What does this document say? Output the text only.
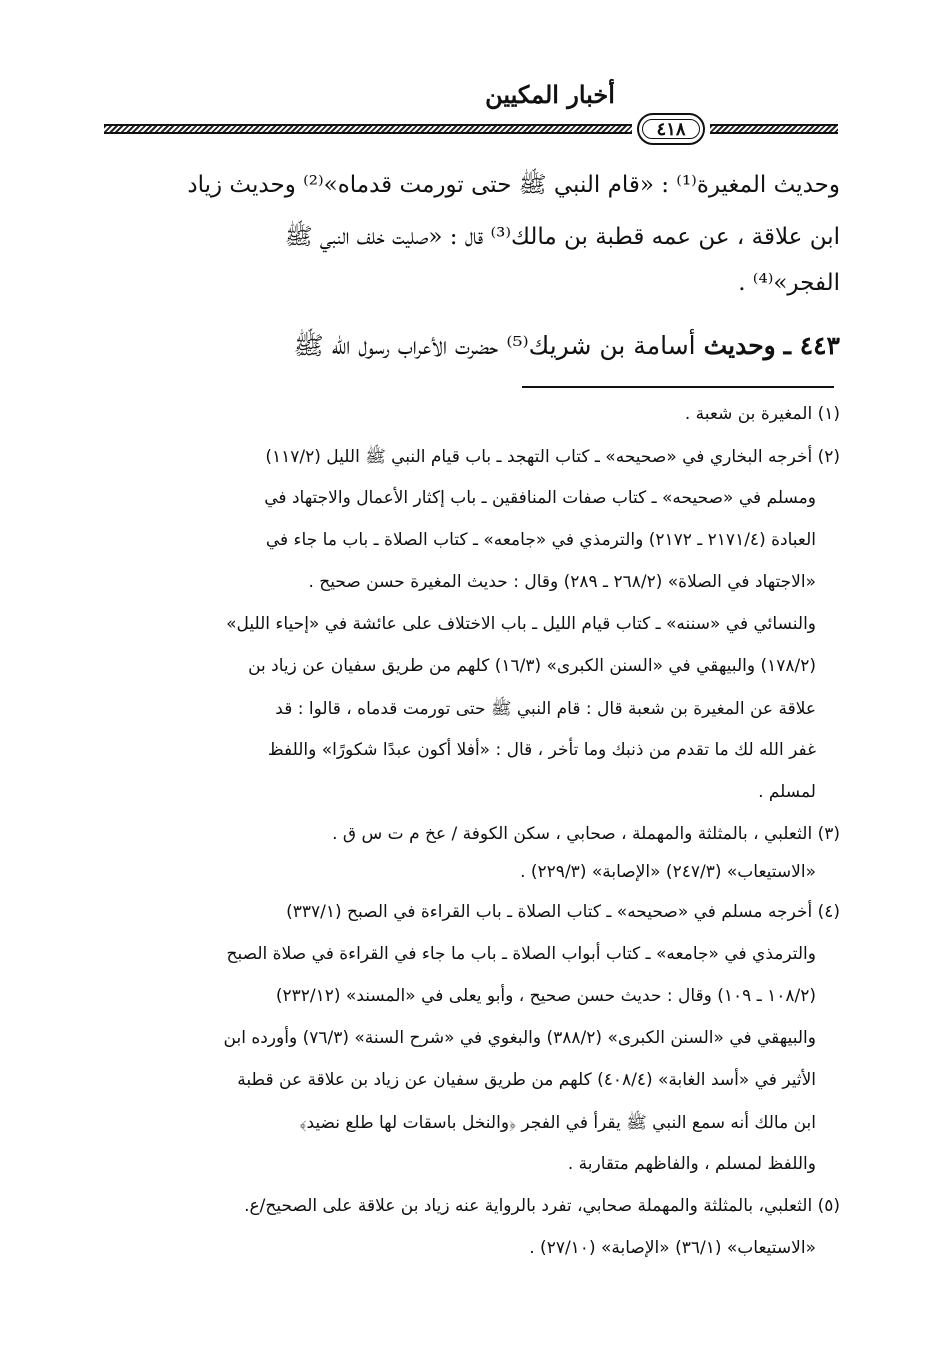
أخبار المكيين
٤١٨
وحديث المغيرة⁽¹⁾ : «قام النبي ﷺ حتى تورمت قدماه»⁽²⁾ وحديث زياد
ابن علاقة ، عن عمه قطبة بن مالك⁽³⁾ قال : «صليت خلف النبي ﷺ
الفجر»⁽⁴⁾ .
٤٤٣ ـ وحديث أسامة بن شريك⁽⁵⁾ حضرت الأعراب رسول الله ﷺ
(١) المغيرة بن شعبة .
(٢) أخرجه البخاري في «صحيحه» ـ كتاب التهجد ـ باب قيام النبي ﷺ الليل (١١٧/٢)
ومسلم في «صحيحه» ـ كتاب صفات المنافقين ـ باب إكثار الأعمال والاجتهاد في
العبادة (٢١٧١/٤ ـ ٢١٧٢) والترمذي في «جامعه» ـ كتاب الصلاة ـ باب ما جاء في
«الاجتهاد في الصلاة» (٢٦٨/٢ ـ ٢٨٩) وقال : حديث المغيرة حسن صحيح .
والنسائي في «سننه» ـ كتاب قيام الليل ـ باب الاختلاف على عائشة في «إحياء الليل»
(١٧٨/٢) والبيهقي في «السنن الكبرى» (١٦/٣) كلهم من طريق سفيان عن زياد بن
علاقة عن المغيرة بن شعبة قال : قام النبي ﷺ حتى تورمت قدماه ، قالوا : قد
غفر الله لك ما تقدم من ذنبك وما تأخر ، قال : «أفلا أكون عبدًا شكورًا» واللفظ
لمسلم .
(٣) الثعلبي ، بالمثلثة والمهملة ، صحابي ، سكن الكوفة / عخ م ت س ق .
«الاستيعاب» (٢٤٧/٣) «الإصابة» (٢٢٩/٣) .
(٤) أخرجه مسلم في «صحيحه» ـ كتاب الصلاة ـ باب القراءة في الصبح (٣٣٧/١)
والترمذي في «جامعه» ـ كتاب أبواب الصلاة ـ باب ما جاء في القراءة في صلاة الصبح
(١٠٨/٢ ـ ١٠٩) وقال : حديث حسن صحيح ، وأبو يعلى في «المسند» (٢٣٢/١٢)
والبيهقي في «السنن الكبرى» (٣٨٨/٢) والبغوي في «شرح السنة» (٧٦/٣) وأورده ابن
الأثير في «أسد الغابة» (٤٠٨/٤) كلهم من طريق سفيان عن زياد بن علاقة عن قطبة
ابن مالك أنه سمع النبي ﷺ يقرأ في الفجر ﴿والنخل باسقات لها طلع نضيد﴾
واللفظ لمسلم ، والفاظهم متقاربة .
(٥) الثعلبي، بالمثلثة والمهملة صحابي، تفرد بالرواية عنه زياد بن علاقة على الصحيح/ع.
«الاستيعاب» (٣٦/١) «الإصابة» (٢٧/١٠) .
